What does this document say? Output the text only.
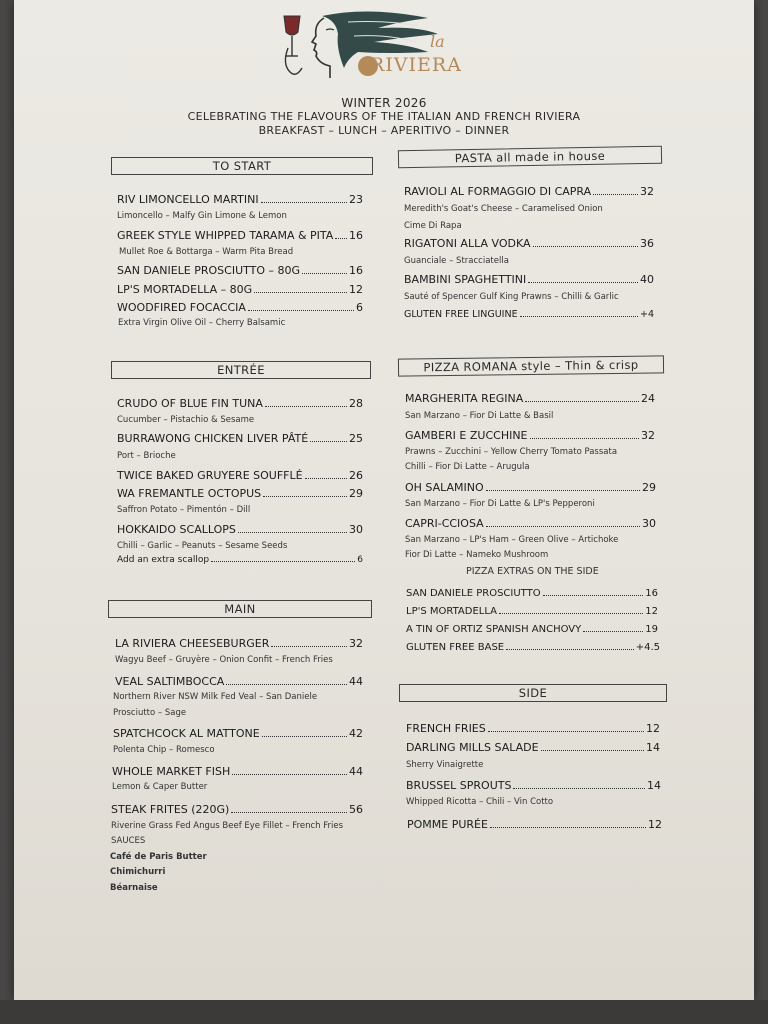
la
RIVIERA
WINTER 2026
CELEBRATING THE FLAVOURS OF THE ITALIAN AND FRENCH RIVIERA
BREAKFAST – LUNCH – APERITIVO – DINNER
TO START
PASTA all made in house
ENTRÉE	PIZZA ROMANA style – Thin & crisp
MAIN
SIDE
RIV LIMONCELLO MARTINI	23
Limoncello – Malfy Gin Limone & Lemon
GREEK STYLE WHIPPED TARAMA & PITA 16
Mullet Roe & Bottarga – Warm Pita Bread
SAN DANIELE PROSCIUTTO – 80G	16
LP'S MORTADELLA – 80G	12
WOODFIRED FOCACCIA	6
Extra Virgin Olive Oil – Cherry Balsamic
CRUDO OF BLUE FIN TUNA	28
Cucumber – Pistachio & Sesame
BURRAWONG CHICKEN LIVER PÂTÉ	25
Port – Brioche
TWICE BAKED GRUYERE SOUFFLÉ	26
WA FREMANTLE OCTOPUS	29
Saffron Potato – Pimentón – Dill
HOKKAIDO SCALLOPS	30
Chilli – Garlic – Peanuts – Sesame Seeds
Add an extra scallop	6
LA RIVIERA CHEESEBURGER	32
Wagyu Beef – Gruyère – Onion Confit – French Fries
VEAL SALTIMBOCCA	44
Northern River NSW Milk Fed Veal – San Daniele
Prosciutto – Sage
SPATCHCOCK AL MATTONE	42
Polenta Chip – Romesco
WHOLE MARKET FISH	44
Lemon & Caper Butter
STEAK FRITES (220G)	56
Riverine Grass Fed Angus Beef Eye Fillet – French Fries
SAUCES
Café de Paris Butter
Chimichurri
Béarnaise
RAVIOLI AL FORMAGGIO DI CAPRA	32
Meredith's Goat's Cheese – Caramelised Onion
Cime Di Rapa
RIGATONI ALLA VODKA	36
Guanciale – Stracciatella
BAMBINI SPAGHETTINI	40
Sauté of Spencer Gulf King Prawns – Chilli & Garlic
GLUTEN FREE LINGUINE	+4
MARGHERITA REGINA	24
San Marzano – Fior Di Latte & Basil
GAMBERI E ZUCCHINE	32
Prawns – Zucchini – Yellow Cherry Tomato Passata
Chilli – Fior Di Latte – Arugula
OH SALAMINO	29
San Marzano – Fior Di Latte & LP's Pepperoni
CAPRI-CCIOSA	30
San Marzano – LP's Ham – Green Olive – Artichoke
Fior Di Latte – Nameko Mushroom
PIZZA EXTRAS ON THE SIDE
SAN DANIELE PROSCIUTTO	16
LP'S MORTADELLA	12
A TIN OF ORTIZ SPANISH ANCHOVY	19
GLUTEN FREE BASE	+4.5
FRENCH FRIES	12
DARLING MILLS SALADE	14
Sherry Vinaigrette
BRUSSEL SPROUTS	14
Whipped Ricotta – Chili – Vin Cotto
POMME PURÉE	12
